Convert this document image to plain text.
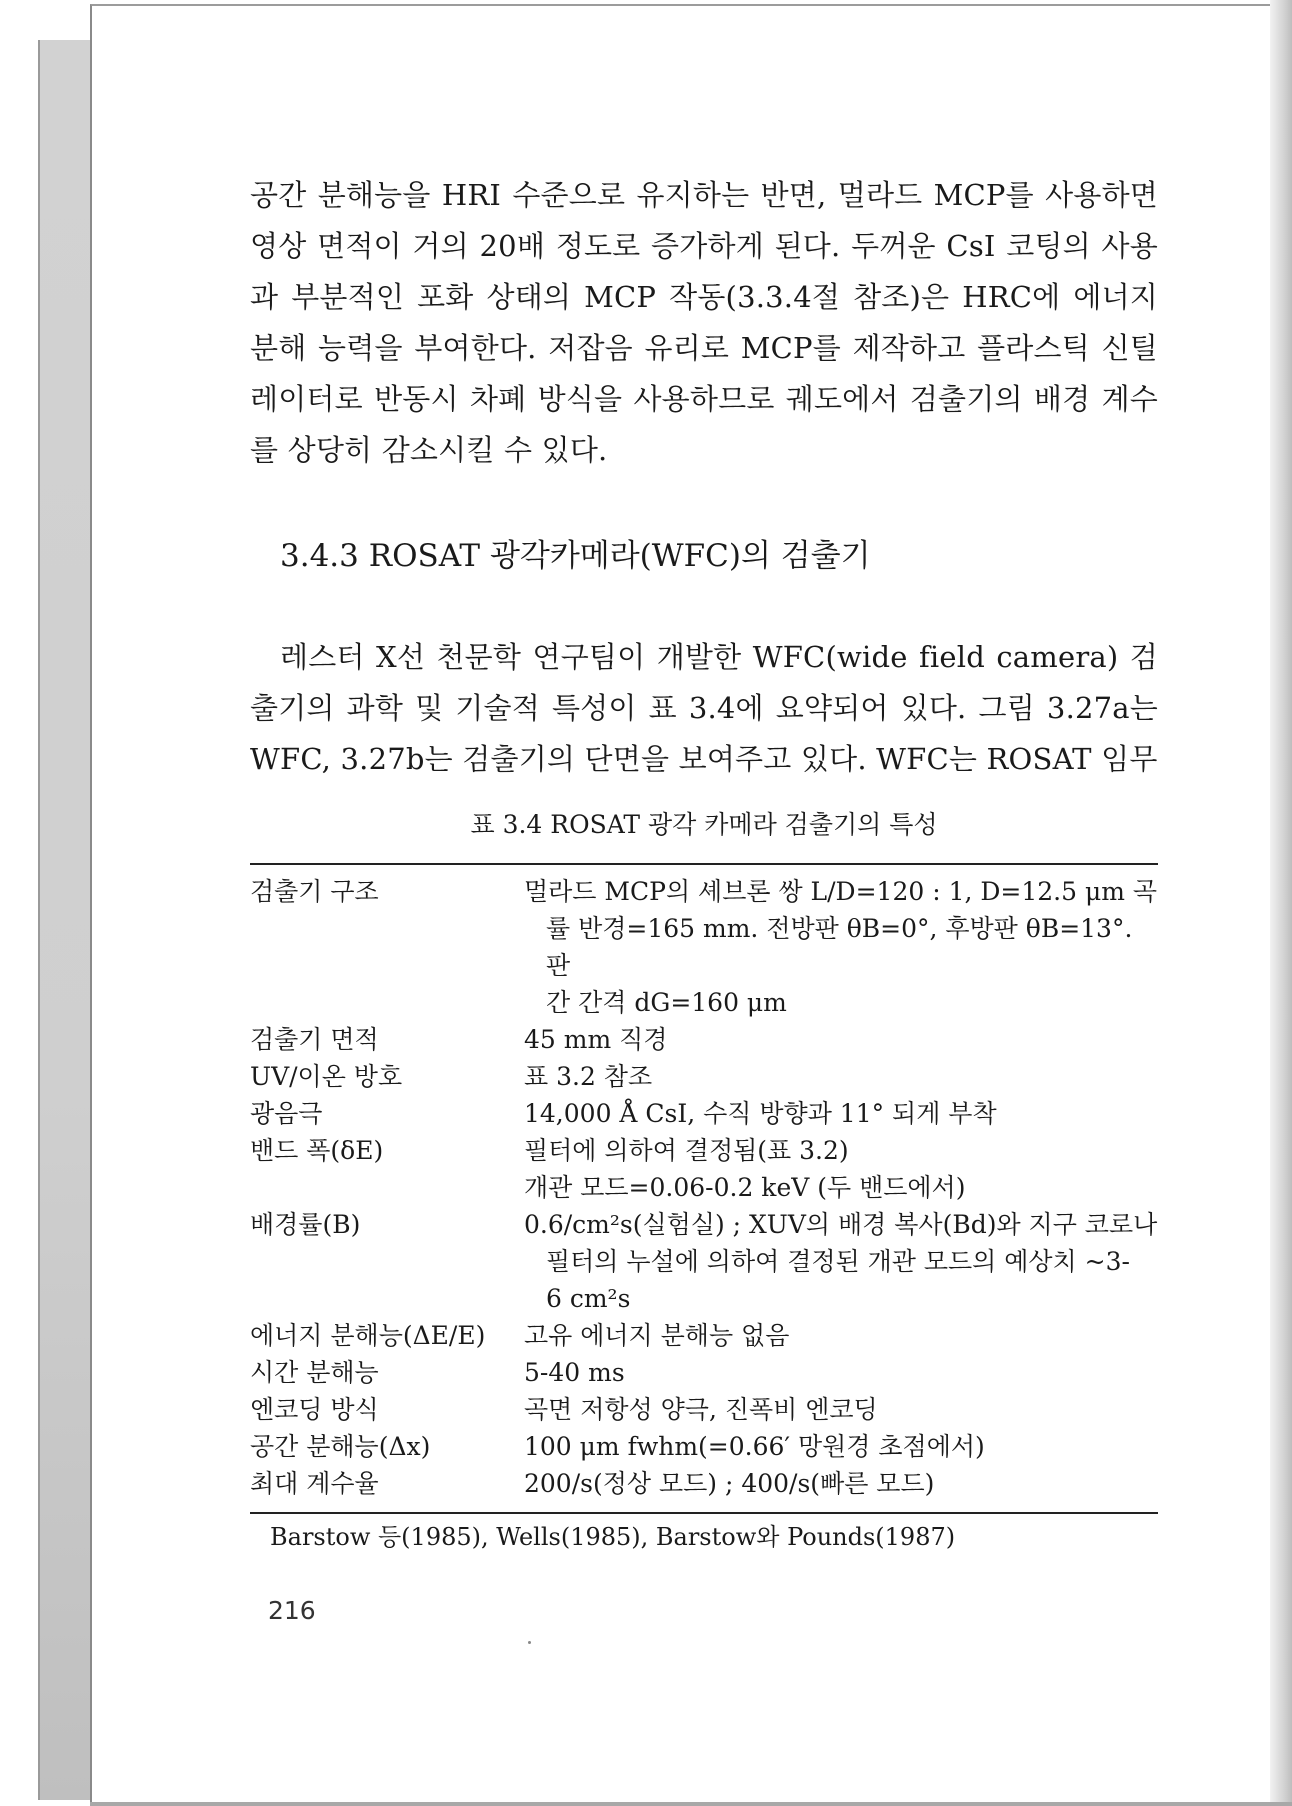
공간 분해능을 HRI 수준으로 유지하는 반면, 멀라드 MCP를 사용하면 영상 면적이 거의 20배 정도로 증가하게 된다. 두꺼운 CsI 코팅의 사용과 부분적인 포화 상태의 MCP 작동(3.3.4절 참조)은 HRC에 에너지 분해 능력을 부여한다. 저잡음 유리로 MCP를 제작하고 플라스틱 신틸레이터로 반동시 차폐 방식을 사용하므로 궤도에서 검출기의 배경 계수를 상당히 감소시킬 수 있다.

3.4.3 ROSAT 광각카메라(WFC)의 검출기

레스터 X선 천문학 연구팀이 개발한 WFC(wide field camera) 검출기의 과학 및 기술적 특성이 표 3.4에 요약되어 있다. 그림 3.27a는 WFC, 3.27b는 검출기의 단면을 보여주고 있다. WFC는 ROSAT 임무

표 3.4 ROSAT 광각 카메라 검출기의 특성
검출기 구조	멀라드 MCP의 셰브론 쌍 L/D=120 : 1, D=12.5 μm 곡
률 반경=165 mm. 전방판 θB=0°, 후방판 θB=13°. 판
간 간격 dG=160 μm

검출기 면적	45 mm 직경

UV/이온 방호	표 3.2 참조

광음극	14,000 Å CsI, 수직 방향과 11° 되게 부착

밴드 폭(δE)	필터에 의하여 결정됨(표 3.2)
개관 모드=0.06-0.2 keV (두 밴드에서)

배경률(B)	0.6/cm²s(실험실) ; XUV의 배경 복사(Bd)와 지구 코로나
필터의 누설에 의하여 결정된 개관 모드의 예상치 ~3-
6 cm²s

에너지 분해능(ΔE/E)	고유 에너지 분해능 없음

시간 분해능	5-40 ms

엔코딩 방식	곡면 저항성 양극, 진폭비 엔코딩

공간 분해능(Δx)	100 μm fwhm(=0.66′ 망원경 초점에서)

최대 계수율	200/s(정상 모드) ; 400/s(빠른 모드)
Barstow 등(1985), Wells(1985), Barstow와 Pounds(1987)
216
